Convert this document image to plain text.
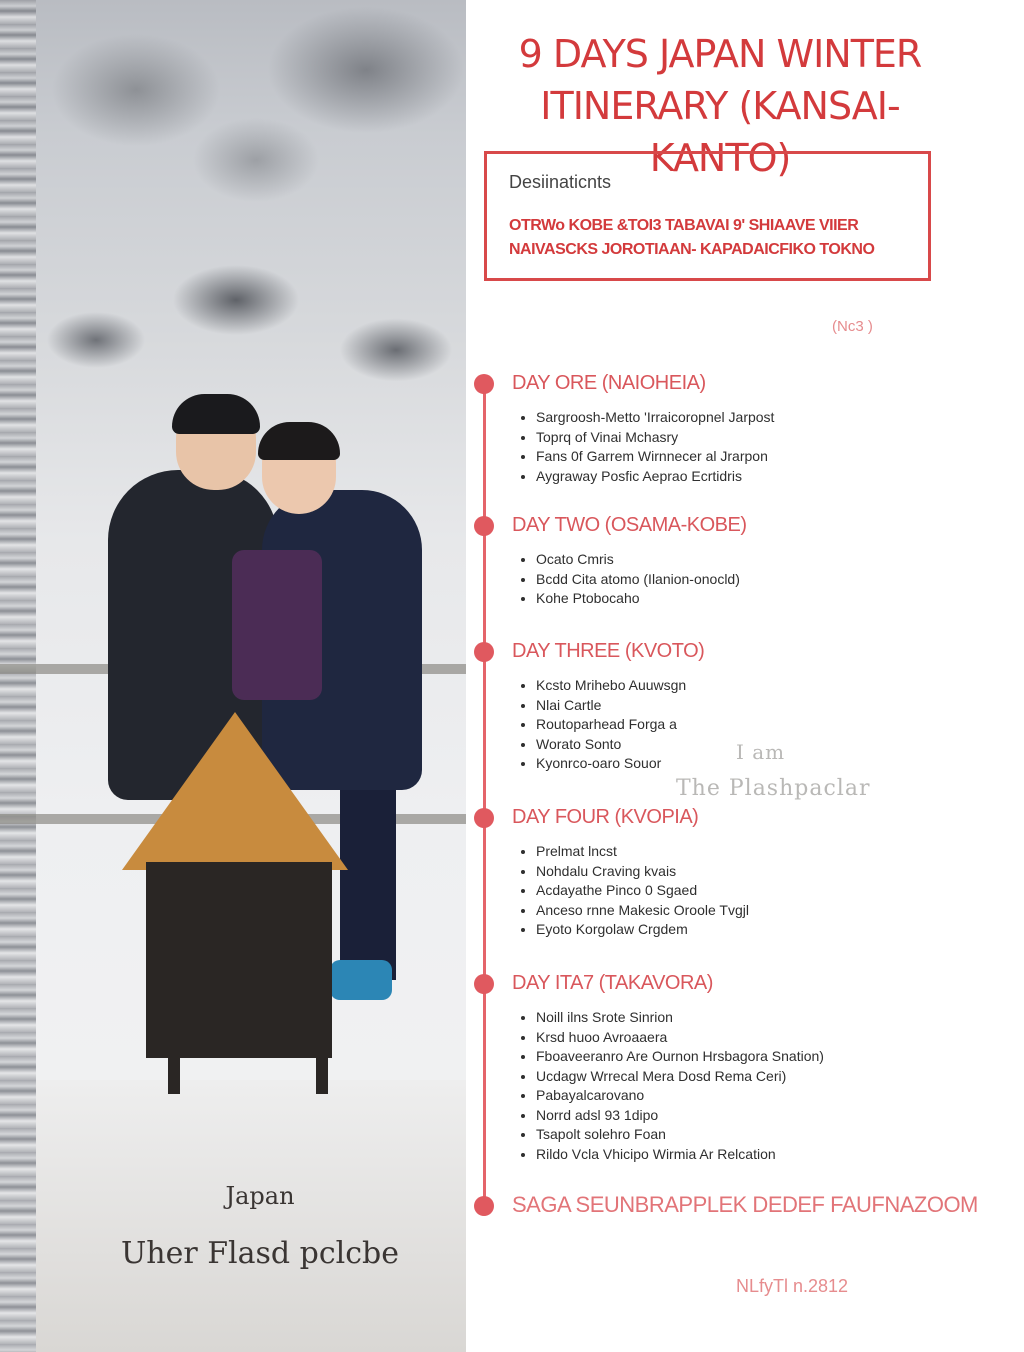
Japan
Uher Flasd pclcbe
I am
The Plashpaclar
9 DAYS JAPAN WINTER
ITINERARY (KANSAI-KANTO)
Desiinaticnts
OTRWo KOBE &TOI3 TABAVAI 9' SHIAAVE VIIER
NAIVASCKS JOROTIAAN- KAPADAICFIKO TOKNO
(Nc3 )
DAY ORE (NAIOHEIA)
• Sargroosh-Metto 'Irraicoropnel Jarpost
• Toprq of Vinai Mchasry
• Fans 0f Garrem Wirnnecer al Jrarpon
• Aygraway Posfic Aeprao Ecrtidris
DAY TWO (OSAMA-KOBE)
• Ocato Cmris
• Bcdd Cita atomo (Ilanion-onocld)
• Kohe Ptobocaho
DAY THREE (KVOTO)
• Kcsto Mrihebo Auuwsgn
• Nlai Cartle
• Routoparhead Forga a
• Worato Sonto
• Kyonrco-oaro Souor
DAY FOUR (KVOPIA)
• Prelmat lncst
• Nohdalu Craving kvais
• Acdayathe Pinco 0 Sgaed
• Anceso rnne Makesic Oroole Tvgjl
• Eyoto Korgolaw Crgdem
DAY ITA7 (TAKAVORA)
• Noill ilns Srote Sinrion
• Krsd huoo Avroaaera
• Fboaveeranro Are Ournon Hrsbagora Snation)
• Ucdagw Wrrecal Mera Dosd Rema Ceri)
• Pabayalcarovano
• Norrd adsl 93 1dipo
• Tsapolt solehro Foan
• Rildo Vcla Vhicipo Wirmia Ar Relcation
SAGA SEUNBRAPPLEK DEDEF FAUFNAZOOM
NLfyTl n.2812
